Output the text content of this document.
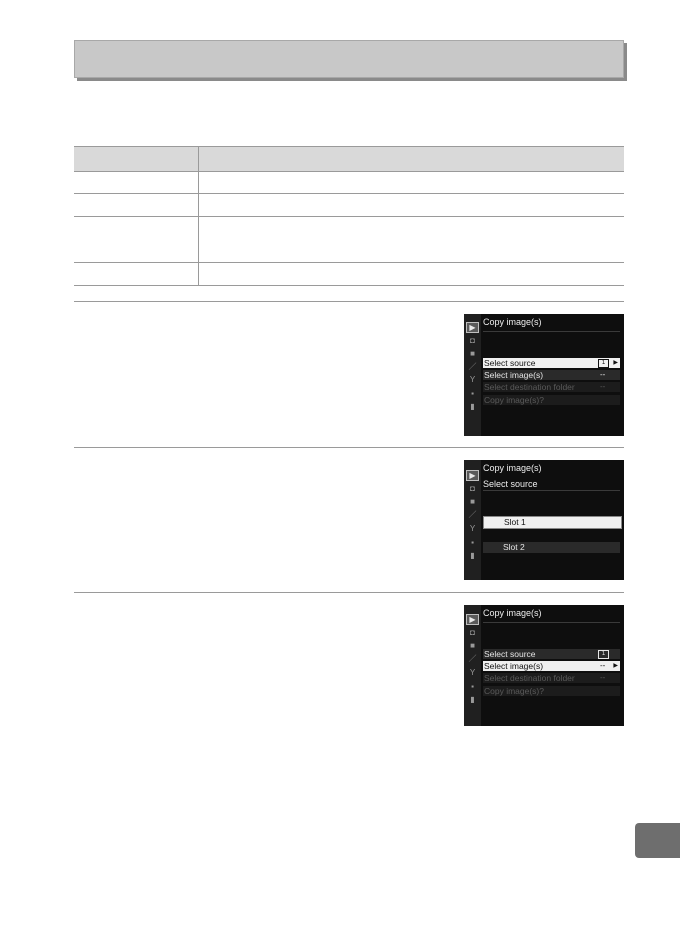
▶
◘
■
／
Y
▪
▮
Copy image(s)
Select source	1	▶
Select image(s)	--
Select destination folder	--
Copy image(s)?
▶
◘
■
／
Y
▪
▮
Copy image(s)
Select source
Slot 1
Slot 2
▶
◘
■
／
Y
▪
▮
Copy image(s)
Select source	1
Select image(s)	-- ▶
Select destination folder	--
Copy image(s)?
